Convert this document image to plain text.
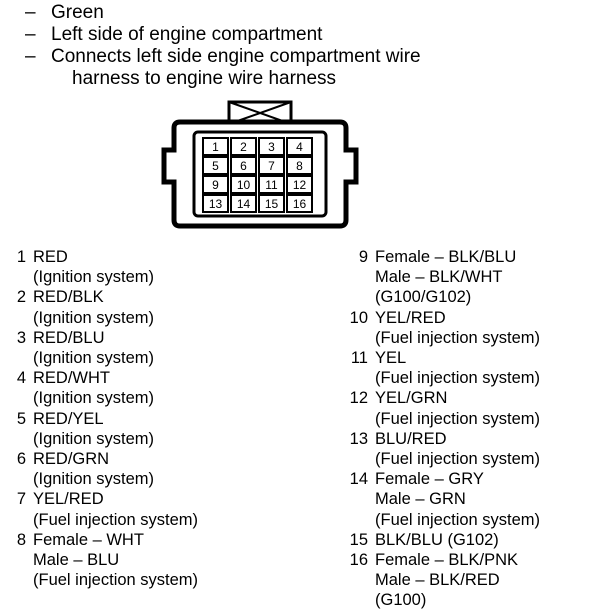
– Green
– Left side of engine compartment
– Connects left side engine compartment wire
harness to engine wire harness
1 2 3 4
5 6 7 8
9 10 11 12
13 14 15 16
1 RED
(Ignition system)
2 RED/BLK
(Ignition system)
3 RED/BLU
(Ignition system)
4 RED/WHT
(Ignition system)
5 RED/YEL
(Ignition system)
6 RED/GRN
(Ignition system)
7 YEL/RED
(Fuel injection system)
8 Female – WHT
Male – BLU
(Fuel injection system)
9 Female – BLK/BLU
Male – BLK/WHT
(G100/G102)
10 YEL/RED
(Fuel injection system)
11 YEL
(Fuel injection system)
12 YEL/GRN
(Fuel injection system)
13 BLU/RED
(Fuel injection system)
14 Female – GRY
Male – GRN
(Fuel injection system)
15 BLK/BLU (G102)
16 Female – BLK/PNK
Male – BLK/RED
(G100)
